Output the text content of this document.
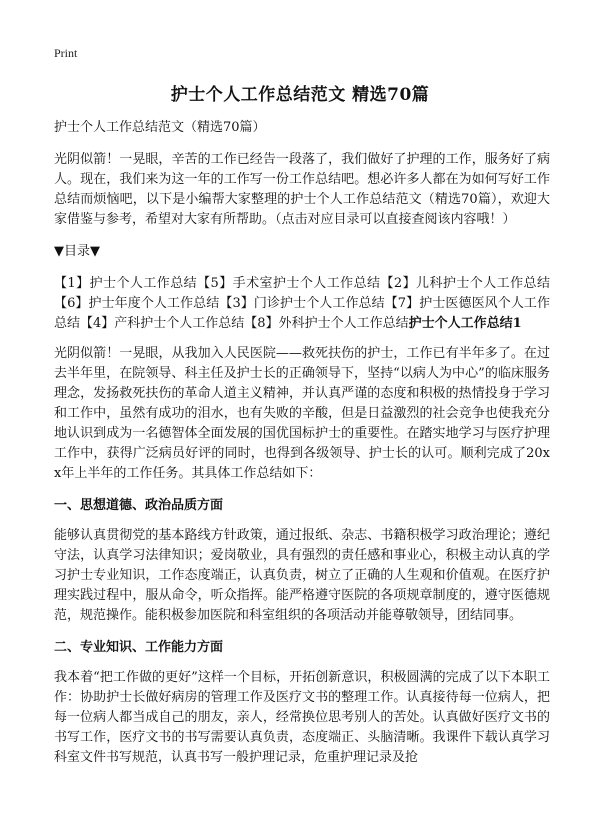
Print
护士个人工作总结范文 精选70篇

护士个人工作总结范文（精选70篇）

光阴似箭！一晃眼，辛苦的工作已经告一段落了，我们做好了护理的工作，服务好了病人。现在，我们来为这一年的工作写一份工作总结吧。想必许多人都在为如何写好工作总结而烦恼吧，以下是小编帮大家整理的护士个人工作总结范文（精选70篇），欢迎大家借鉴与参考，希望对大家有所帮助。（点击对应目录可以直接查阅该内容哦！）

▼目录▼

【1】护士个人工作总结【5】手术室护士个人工作总结【2】儿科护士个人工作总结【6】护士年度个人工作总结【3】门诊护士个人工作总结【7】护士医德医风个人工作总结【4】产科护士个人工作总结【8】外科护士个人工作总结护士个人工作总结1

光阴似箭！一晃眼，从我加入人民医院——救死扶伤的护士，工作已有半年多了。在过去半年里，在院领导、科主任及护士长的正确领导下，坚持“以病人为中心”的临床服务理念，发扬救死扶伤的革命人道主义精神，并认真严谨的态度和积极的热情投身于学习和工作中，虽然有成功的泪水，也有失败的辛酸，但是日益激烈的社会竞争也使我充分地认识到成为一名德智体全面发展的国优国标护士的重要性。在踏实地学习与医疗护理工作中，获得广泛病员好评的同时，也得到各级领导、护士长的认可。顺利完成了20xx年上半年的工作任务。其具体工作总结如下：

一、思想道德、政治品质方面

能够认真贯彻党的基本路线方针政策，通过报纸、杂志、书籍积极学习政治理论；遵纪守法，认真学习法律知识；爱岗敬业，具有强烈的责任感和事业心，积极主动认真的学习护士专业知识，工作态度端正，认真负责，树立了正确的人生观和价值观。在医疗护理实践过程中，服从命令，听众指挥。能严格遵守医院的各项规章制度的，遵守医德规范，规范操作。能积极参加医院和科室组织的各项活动并能尊敬领导，团结同事。

二、专业知识、工作能力方面

我本着“把工作做的更好”这样一个目标，开拓创新意识，积极圆满的完成了以下本职工作：协助护士长做好病房的管理工作及医疗文书的整理工作。认真接待每一位病人，把每一位病人都当成自己的朋友，亲人，经常换位思考别人的苦处。认真做好医疗文书的书写工作，医疗文书的书写需要认真负责，态度端正、头脑清晰。我课件下载认真学习科室文件书写规范，认真书写一般护理记录，危重护理记录及抢
